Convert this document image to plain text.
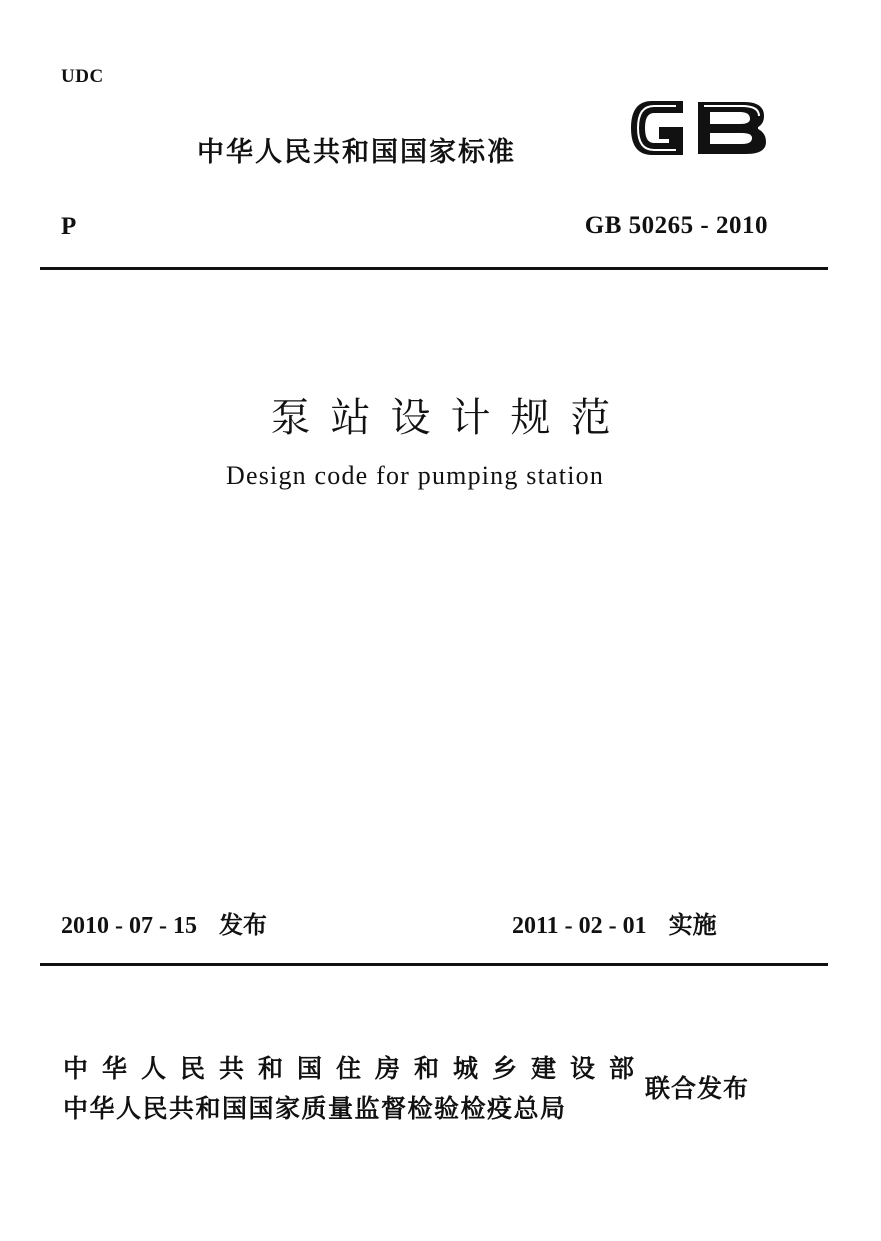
UDC
中华人民共和国国家标准
P	GB 50265 - 2010
泵站设计规范
Design code for pumping station
2010 - 07 - 15 发布	2011 - 02 - 01 实施
中华人民共和国住房和城乡建设部
中华人民共和国国家质量监督检验检疫总局
联合发布
